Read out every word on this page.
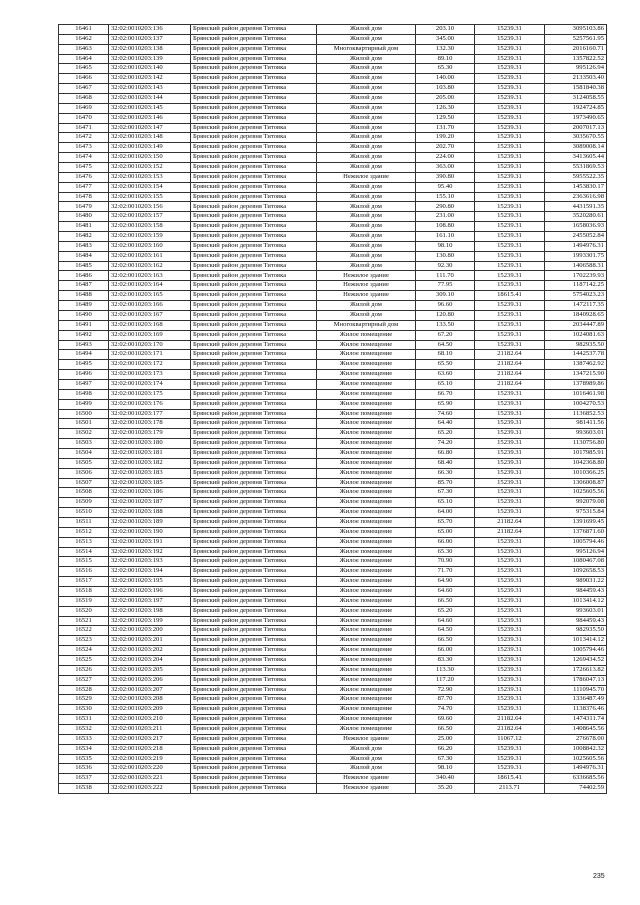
16461	32:02:0010203:136	Брянский район деревня Титовка	Жилой дом	203.10	15239.31	3095103.86
16462	32:02:0010203:137	Брянский район деревня Титовка	Жилой дом	345.00	15239.31	5257561.95
16463	32:02:0010203:138	Брянский район деревня Титовка	Многоквартирный дом	132.30	15239.31	2016160.71
16464	32:02:0010203:139	Брянский район деревня Титовка	Жилой дом	89.10	15239.31	1357822.52
16465	32:02:0010203:140	Брянский район деревня Титовка	Жилой дом	65.30	15239.31	995126.94
16466	32:02:0010203:142	Брянский район деревня Титовка	Жилой дом	140.00	15239.31	2133503.40
16467	32:02:0010203:143	Брянский район деревня Титовка	Жилой дом	103.80	15239.31	1581840.38
16468	32:02:0010203:144	Брянский район деревня Титовка	Жилой дом	205.00	15239.31	3124058.55
16469	32:02:0010203:145	Брянский район деревня Титовка	Жилой дом	126.30	15239.31	1924724.85
16470	32:02:0010203:146	Брянский район деревня Титовка	Жилой дом	129.50	15239.31	1973490.65
16471	32:02:0010203:147	Брянский район деревня Титовка	Жилой дом	131.70	15239.31	2007017.13
16472	32:02:0010203:148	Брянский район деревня Титовка	Жилой дом	199.20	15239.31	3035670.55
16473	32:02:0010203:149	Брянский район деревня Титовка	Жилой дом	202.70	15239.31	3089008.14
16474	32:02:0010203:150	Брянский район деревня Титовка	Жилой дом	224.00	15239.31	3413605.44
16475	32:02:0010203:152	Брянский район деревня Титовка	Жилой дом	363.00	15239.31	5531869.53
16476	32:02:0010203:153	Брянский район деревня Титовка	Нежилое здание	390.80	15239.31	5955522.35
16477	32:02:0010203:154	Брянский район деревня Титовка	Жилой дом	95.40	15239.31	1453830.17
16478	32:02:0010203:155	Брянский район деревня Титовка	Жилой дом	155.10	15239.31	2363616.98
16479	32:02:0010203:156	Брянский район деревня Титовка	Жилой дом	290.80	15239.31	4431591.35
16480	32:02:0010203:157	Брянский район деревня Титовка	Жилой дом	231.00	15239.31	3520280.61
16481	32:02:0010203:158	Брянский район деревня Титовка	Жилой дом	108.80	15239.31	1658036.93
16482	32:02:0010203:159	Брянский район деревня Титовка	Жилой дом	161.10	15239.31	2455052.84
16483	32:02:0010203:160	Брянский район деревня Титовка	Жилой дом	98.10	15239.31	1494976.31
16484	32:02:0010203:161	Брянский район деревня Титовка	Жилой дом	130.80	15239.31	1993301.75
16485	32:02:0010203:162	Брянский район деревня Титовка	Жилой дом	92.30	15239.31	1406588.31
16486	32:02:0010203:163	Брянский район деревня Титовка	Нежилое здание	111.70	15239.31	1702239.93
16487	32:02:0010203:164	Брянский район деревня Титовка	Нежилое здание	77.95	15239.31	1187142.25
16488	32:02:0010203:165	Брянский район деревня Титовка	Нежилое здание	309.10	18615.41	5754023.23
16489	32:02:0010203:166	Брянский район деревня Титовка	Жилой дом	96.60	15239.31	1472117.35
16490	32:02:0010203:167	Брянский район деревня Титовка	Жилой дом	120.80	15239.31	1840928.65
16491	32:02:0010203:168	Брянский район деревня Титовка	Многоквартирный дом	133.50	15239.31	2034447.89
16492	32:02:0010203:169	Брянский район деревня Титовка	Жилое помещение	67.20	15239.31	1024081.63
16493	32:02:0010203:170	Брянский район деревня Титовка	Жилое помещение	64.50	15239.31	982935.50
16494	32:02:0010203:171	Брянский район деревня Титовка	Жилое помещение	68.10	21182.64	1442537.78
16495	32:02:0010203:172	Брянский район деревня Титовка	Жилое помещение	65.50	21182.64	1387462.92
16496	32:02:0010203:173	Брянский район деревня Титовка	Жилое помещение	63.60	21182.64	1347215.90
16497	32:02:0010203:174	Брянский район деревня Титовка	Жилое помещение	65.10	21182.64	1378989.86
16498	32:02:0010203:175	Брянский район деревня Титовка	Жилое помещение	66.70	15239.31	1016461.98
16499	32:02:0010203:176	Брянский район деревня Титовка	Жилое помещение	65.90	15239.31	1004270.53
16500	32:02:0010203:177	Брянский район деревня Титовка	Жилое помещение	74.60	15239.31	1136852.53
16501	32:02:0010203:178	Брянский район деревня Титовка	Жилое помещение	64.40	15239.31	981411.56
16502	32:02:0010203:179	Брянский район деревня Титовка	Жилое помещение	65.20	15239.31	993603.01
16503	32:02:0010203:180	Брянский район деревня Титовка	Жилое помещение	74.20	15239.31	1130756.80
16504	32:02:0010203:181	Брянский район деревня Титовка	Жилое помещение	66.80	15239.31	1017985.91
16505	32:02:0010203:182	Брянский район деревня Титовка	Жилое помещение	68.40	15239.31	1042368.80
16506	32:02:0010203:183	Брянский район деревня Титовка	Жилое помещение	66.30	15239.31	1010366.25
16507	32:02:0010203:185	Брянский район деревня Титовка	Жилое помещение	85.70	15239.31	1306008.87
16508	32:02:0010203:186	Брянский район деревня Титовка	Жилое помещение	67.30	15239.31	1025605.56
16509	32:02:0010203:187	Брянский район деревня Титовка	Жилое помещение	65.10	15239.31	992079.08
16510	32:02:0010203:188	Брянский район деревня Титовка	Жилое помещение	64.00	15239.31	975315.84
16511	32:02:0010203:189	Брянский район деревня Титовка	Жилое помещение	65.70	21182.64	1391699.45
16512	32:02:0010203:190	Брянский район деревня Титовка	Жилое помещение	65.00	21182.64	1376871.60
16513	32:02:0010203:191	Брянский район деревня Титовка	Жилое помещение	66.00	15239.31	1005794.46
16514	32:02:0010203:192	Брянский район деревня Титовка	Жилое помещение	65.30	15239.31	995126.94
16515	32:02:0010203:193	Брянский район деревня Титовка	Жилое помещение	70.90	15239.31	1080467.08
16516	32:02:0010203:194	Брянский район деревня Титовка	Жилое помещение	71.70	15239.31	1092658.53
16517	32:02:0010203:195	Брянский район деревня Титовка	Жилое помещение	64.90	15239.31	989031.22
16518	32:02:0010203:196	Брянский район деревня Титовка	Жилое помещение	64.60	15239.31	984459.43
16519	32:02:0010203:197	Брянский район деревня Титовка	Жилое помещение	66.50	15239.31	1013414.12
16520	32:02:0010203:198	Брянский район деревня Титовка	Жилое помещение	65.20	15239.31	993603.01
16521	32:02:0010203:199	Брянский район деревня Титовка	Жилое помещение	64.60	15239.31	984459.43
16522	32:02:0010203:200	Брянский район деревня Титовка	Жилое помещение	64.50	15239.31	982935.50
16523	32:02:0010203:201	Брянский район деревня Титовка	Жилое помещение	66.50	15239.31	1013414.12
16524	32:02:0010203:202	Брянский район деревня Титовка	Жилое помещение	66.00	15239.31	1005794.46
16525	32:02:0010203:204	Брянский район деревня Титовка	Жилое помещение	83.30	15239.31	1269434.52
16526	32:02:0010203:205	Брянский район деревня Титовка	Жилое помещение	113.30	15239.31	1726613.82
16527	32:02:0010203:206	Брянский район деревня Титовка	Жилое помещение	117.20	15239.31	1786047.13
16528	32:02:0010203:207	Брянский район деревня Титовка	Жилое помещение	72.90	15239.31	1110945.70
16529	32:02:0010203:208	Брянский район деревня Титовка	Жилое помещение	87.70	15239.31	1336487.49
16530	32:02:0010203:209	Брянский район деревня Титовка	Жилое помещение	74.70	15239.31	1138376.46
16531	32:02:0010203:210	Брянский район деревня Титовка	Жилое помещение	69.60	21182.64	1474311.74
16532	32:02:0010203:211	Брянский район деревня Титовка	Жилое помещение	66.50	21182.64	1408645.56
16533	32:02:0010203:217	Брянский район деревня Титовка	Нежилое здание	25.00	11067.12	276678.00
16534	32:02:0010203:218	Брянский район деревня Титовка	Жилой дом	66.20	15239.31	1008842.32
16535	32:02:0010203:219	Брянский район деревня Титовка	Жилой дом	67.30	15239.31	1025605.56
16536	32:02:0010203:220	Брянский район деревня Титовка	Жилой дом	98.10	15239.31	1494976.31
16537	32:02:0010203:221	Брянский район деревня Титовка	Нежилое здание	340.40	18615.41	6336685.56
16538	32:02:0010203:222	Брянский район деревня Титовка	Нежилое здание	35.20	2113.71	74402.59
235
